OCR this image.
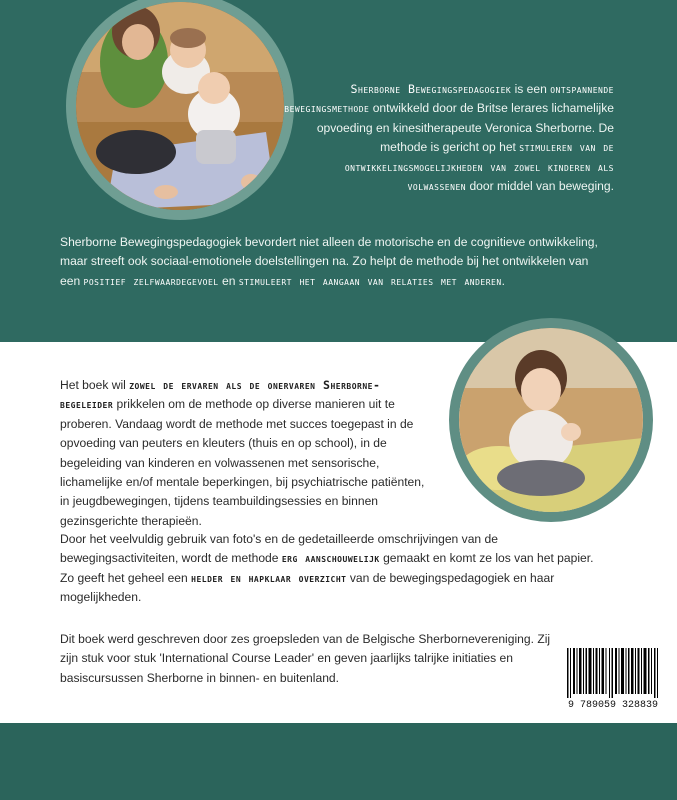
Sherborne Bewegingspedagogiek is een ontspannende bewegingsmethode ontwikkeld door de Britse lerares lichamelijke opvoeding en kinesitherapeute Veronica Sherborne. De methode is gericht op het stimuleren van de ontwikkelingsmogelijkheden van zowel kinderen als volwassenen door middel van beweging.

Sherborne Bewegingspedagogiek bevordert niet alleen de motorische en de cognitieve ontwikkeling, maar streeft ook sociaal-emotionele doelstellingen na. Zo helpt de methode bij het ontwikkelen van een positief zelfwaardegevoel en stimuleert het aangaan van relaties met anderen.

Het boek wil zowel de ervaren als de onervaren Sherborne-begeleider prikkelen om de methode op diverse manieren uit te proberen. Vandaag wordt de methode met succes toegepast in de opvoeding van peuters en kleuters (thuis en op school), in de begeleiding van kinderen en volwassenen met sensorische, lichamelijke en/of mentale beperkingen, bij psychiatrische patiënten, in jeugdbewegingen, tijdens teambuildingsessies en binnen gezinsgerichte therapieën.

Door het veelvuldig gebruik van foto's en de gedetailleerde omschrijvingen van de bewegingsactiviteiten, wordt de methode erg aanschouwelijk gemaakt en komt ze los van het papier. Zo geeft het geheel een helder en hapklaar overzicht van de bewegingspedagogiek en haar mogelijkheden.

Dit boek werd geschreven door zes groepsleden van de Belgische Sherbornevereniging. Zij zijn stuk voor stuk 'International Course Leader' en geven jaarlijks talrijke initiaties en basiscursussen Sherborne in binnen- en buitenland.

9 789059 328839
